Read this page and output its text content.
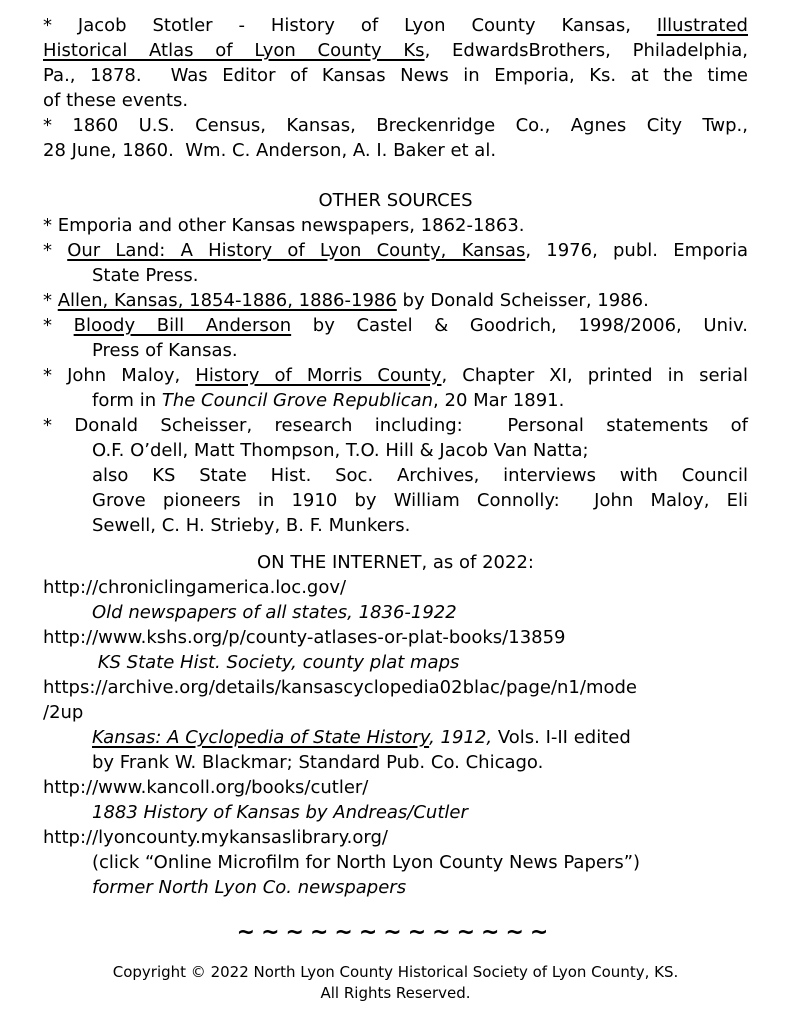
* Jacob Stotler - History of Lyon County Kansas, Illustrated
Historical Atlas of Lyon County Ks, EdwardsBrothers, Philadelphia,
Pa., 1878.  Was Editor of Kansas News in Emporia, Ks. at the time
of these events.
* 1860 U.S. Census, Kansas, Breckenridge Co., Agnes City Twp.,
28 June, 1860.  Wm. C. Anderson, A. I. Baker et al.
OTHER SOURCES
* Emporia and other Kansas newspapers, 1862-1863.
* Our Land: A History of Lyon County, Kansas, 1976, publ. Emporia
State Press.
* Allen, Kansas, 1854-1886, 1886-1986 by Donald Scheisser, 1986.
* Bloody Bill Anderson by Castel & Goodrich, 1998/2006, Univ.
Press of Kansas.
* John Maloy, History of Morris County, Chapter XI, printed in serial
form in The Council Grove Republican, 20 Mar 1891.
* Donald Scheisser, research including:  Personal statements of
O.F. O’dell, Matt Thompson, T.O. Hill & Jacob Van Natta;
also KS State Hist. Soc. Archives, interviews with Council
Grove pioneers in 1910 by William Connolly:  John Maloy, Eli
Sewell, C. H. Strieby, B. F. Munkers.
ON THE INTERNET, as of 2022:
http://chroniclingamerica.loc.gov/
Old newspapers of all states, 1836-1922
http://www.kshs.org/p/county-atlases-or-plat-books/13859
KS State Hist. Society, county plat maps
https://archive.org/details/kansascyclopedia02blac/page/n1/mode
/2up
Kansas: A Cyclopedia of State History, 1912, Vols. I-II edited
by Frank W. Blackmar; Standard Pub. Co. Chicago.
http://www.kancoll.org/books/cutler/
1883 History of Kansas by Andreas/Cutler
http://lyoncounty.mykansaslibrary.org/
(click “Online Microfilm for North Lyon County News Papers”)
former North Lyon Co. newspapers
~~~~~~~~~~~~~
Copyright © 2022 North Lyon County Historical Society of Lyon County, KS.
All Rights Reserved.
